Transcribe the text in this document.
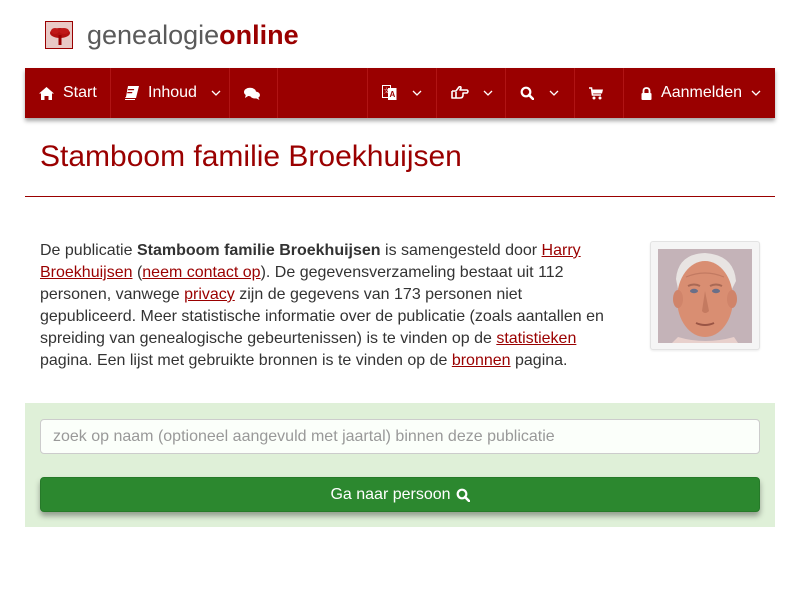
genealogieonline
Start	Inhoud	A
文	Aanmelden
Stamboom familie Broekhuijsen

De publicatie Stamboom familie Broekhuijsen is samengesteld door Harry Broekhuijsen (neem contact op). De gegevensverzameling bestaat uit 112 personen, vanwege privacy zijn de gegevens van 173 personen niet gepubliceerd. Meer statistische informatie over de publicatie (zoals aantallen en spreiding van genealogische gebeurtenissen) is te vinden op de statistieken pagina. Een lijst met gebruikte bronnen is te vinden op de bronnen pagina.

zoek op naam (optioneel aangevuld met jaartal) binnen deze publicatie
Ga naar persoon
